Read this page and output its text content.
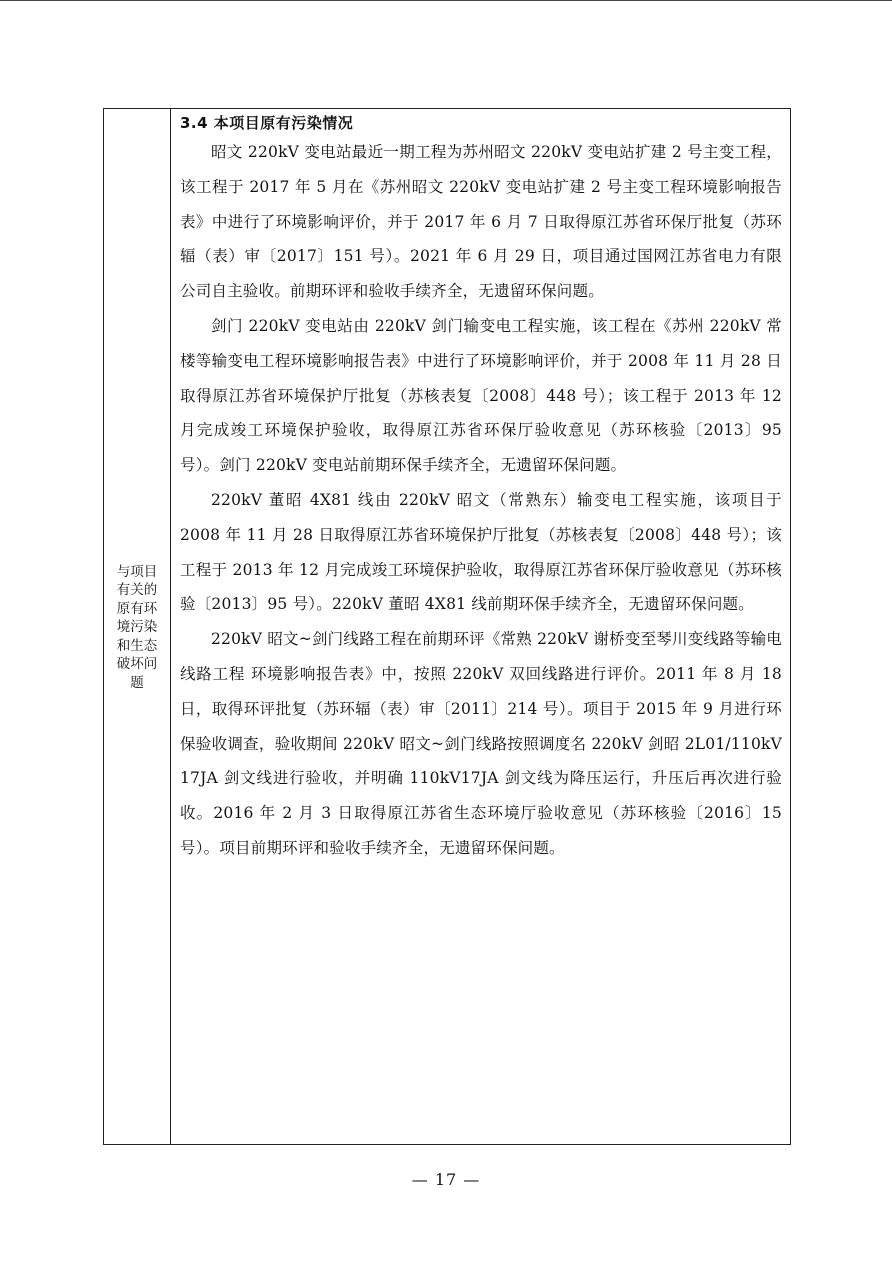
与项目有关的原有环境污染和生态破坏问题
3.4 本项目原有污染情况

昭文 220kV 变电站最近一期工程为苏州昭文 220kV 变电站扩建 2 号主变工程，该工程于 2017 年 5 月在《苏州昭文 220kV 变电站扩建 2 号主变工程环境影响报告表》中进行了环境影响评价，并于 2017 年 6 月 7 日取得原江苏省环保厅批复（苏环辐（表）审〔2017〕151 号）。2021 年 6 月 29 日，项目通过国网江苏省电力有限公司自主验收。前期环评和验收手续齐全，无遗留环保问题。

剑门 220kV 变电站由 220kV 剑门输变电工程实施，该工程在《苏州 220kV 常楼等输变电工程环境影响报告表》中进行了环境影响评价，并于 2008 年 11 月 28 日取得原江苏省环境保护厅批复（苏核表复〔2008〕448 号）；该工程于 2013 年 12 月完成竣工环境保护验收，取得原江苏省环保厅验收意见（苏环核验〔2013〕95 号）。剑门 220kV 变电站前期环保手续齐全，无遗留环保问题。

220kV 董昭 4X81 线由 220kV 昭文（常熟东）输变电工程实施，该项目于 2008 年 11 月 28 日取得原江苏省环境保护厅批复（苏核表复〔2008〕448 号）；该工程于 2013 年 12 月完成竣工环境保护验收，取得原江苏省环保厅验收意见（苏环核验〔2013〕95 号）。220kV 董昭 4X81 线前期环保手续齐全，无遗留环保问题。

220kV 昭文~剑门线路工程在前期环评《常熟 220kV 谢桥变至琴川变线路等输电线路工程 环境影响报告表》中，按照 220kV 双回线路进行评价。2011 年 8 月 18 日，取得环评批复（苏环辐（表）审〔2011〕214 号）。项目于 2015 年 9 月进行环保验收调查，验收期间 220kV 昭文~剑门线路按照调度名 220kV 剑昭 2L01/110kV 17JA 剑文线进行验收，并明确 110kV17JA 剑文线为降压运行，升压后再次进行验收。2016 年 2 月 3 日取得原江苏省生态环境厅验收意见（苏环核验〔2016〕15 号）。项目前期环评和验收手续齐全，无遗留环保问题。

— 17 —
